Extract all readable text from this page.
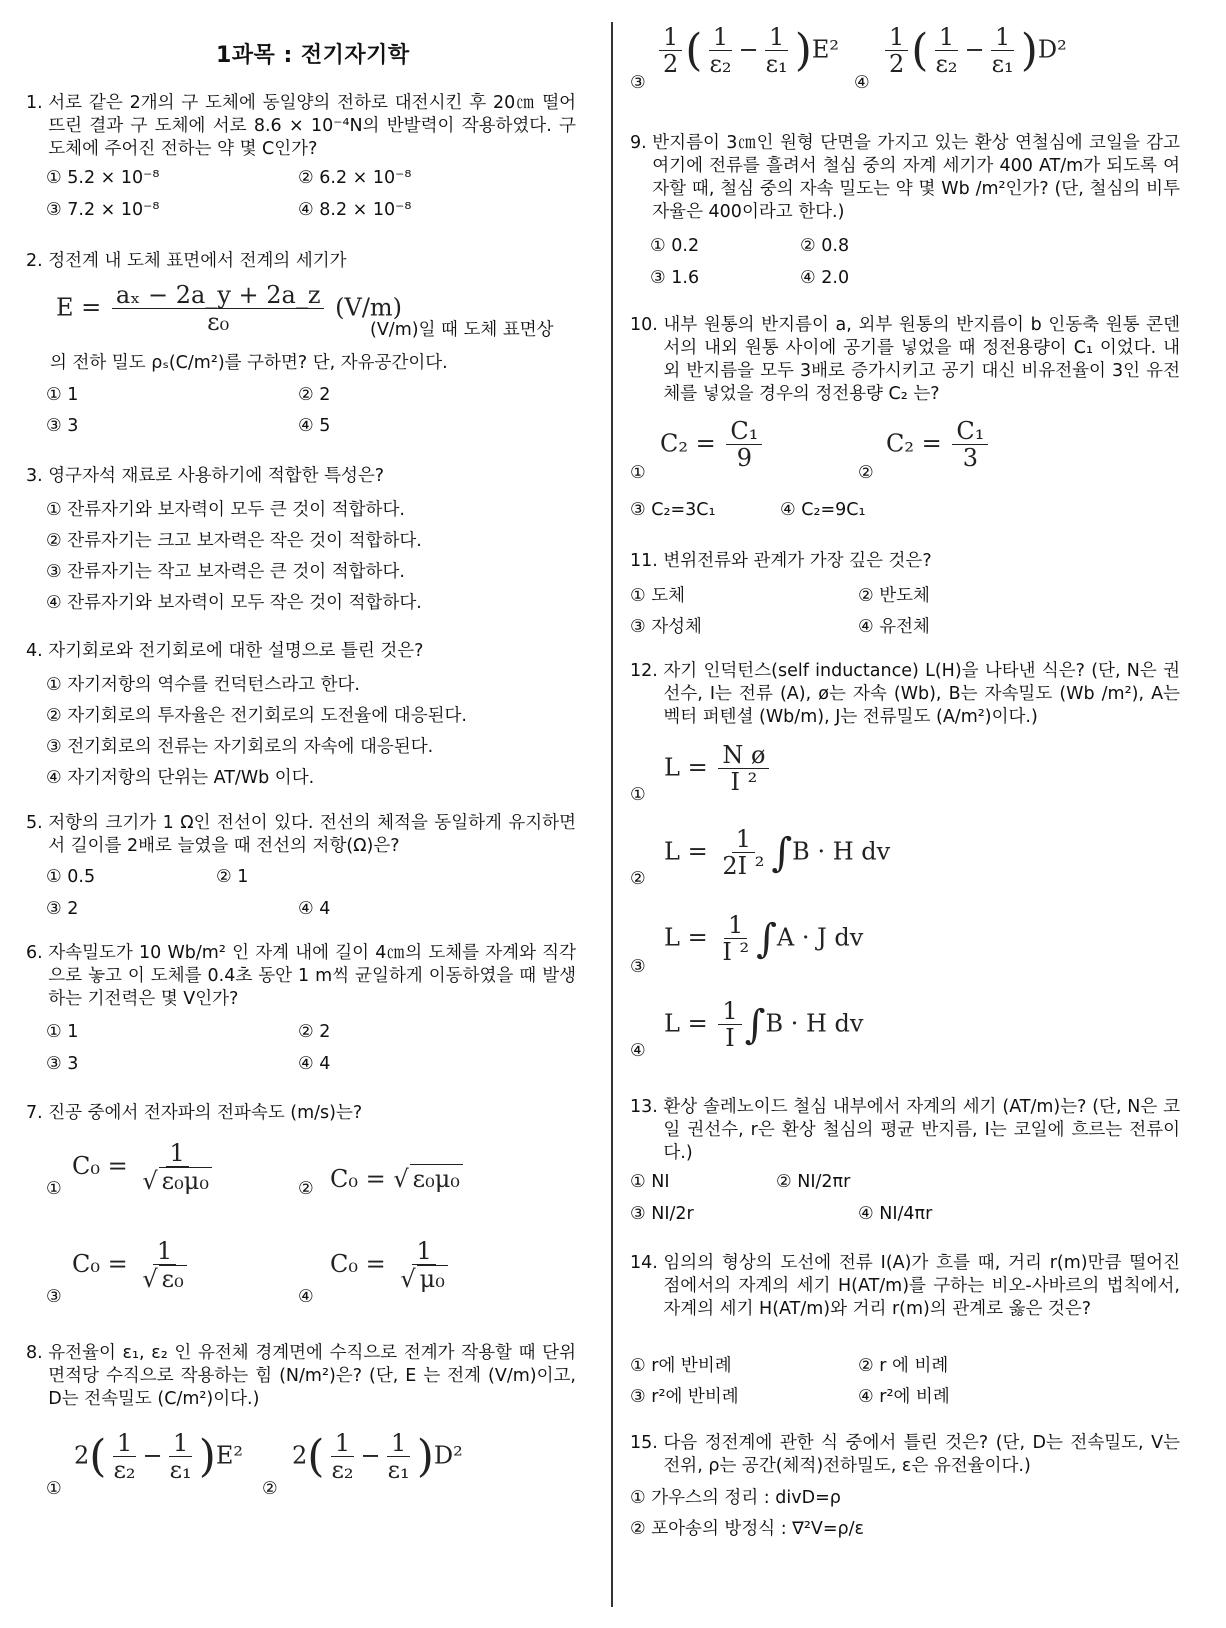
1과목 : 전기자기학
1. 서로 같은 2개의 구 도체에 동일양의 전하로 대전시킨 후 20㎝ 떨어뜨린 결과 구 도체에 서로 8.6 × 10⁻⁴N의 반발력이 작용하였다. 구 도체에 주어진 전하는 약 몇 C인가?
① 5.2 × 10⁻⁸	② 6.2 × 10⁻⁸
③ 7.2 × 10⁻⁸	④ 8.2 × 10⁻⁸
2. 정전계 내 도체 표면에서 전계의 세기가
$E = \frac{\text{aₓ − 2a\_y + 2a\_z}}{\text{ε₀}} (V/m)$
(V/m)일 때 도체 표면상
의 전하 밀도 ρₛ(C/m²)를 구하면? 단, 자유공간이다.
① 1	② 2
③ 3	④ 5
3. 영구자석 재료로 사용하기에 적합한 특성은?
① 잔류자기와 보자력이 모두 큰 것이 적합하다.
② 잔류자기는 크고 보자력은 작은 것이 적합하다.
③ 잔류자기는 작고 보자력은 큰 것이 적합하다.
④ 잔류자기와 보자력이 모두 작은 것이 적합하다.
4. 자기회로와 전기회로에 대한 설명으로 틀린 것은?
① 자기저항의 역수를 컨덕턴스라고 한다.
② 자기회로의 투자율은 전기회로의 도전율에 대응된다.
③ 전기회로의 전류는 자기회로의 자속에 대응된다.
④ 자기저항의 단위는 AT/Wb 이다.
5. 저항의 크기가 1 Ω인 전선이 있다. 전선의 체적을 동일하게 유지하면서 길이를 2배로 늘였을 때 전선의 저항(Ω)은?
① 0.5	② 1
③ 2	④ 4
6. 자속밀도가 10 Wb/m² 인 자계 내에 길이 4㎝의 도체를 자계와 직각으로 놓고 이 도체를 0.4초 동안 1 m씩 균일하게 이동하였을 때 발생하는 기전력은 몇 V인가?
① 1	② 2
③ 3	④ 4
7. 진공 중에서 전자파의 전파속도 (m/s)는?
①
$C_0 = \frac{1}{\text{√ ε₀μ₀}}$	② C₀ = √ ε₀μ₀
③
$C_0 = \frac{1}{\text{√ ε₀}}$
④
$C_0 = \frac{1}{\text{√ μ₀}}$
8. 유전율이 ε₁, ε₂ 인 유전체 경계면에 수직으로 전계가 작용할 때 단위 면적당 수직으로 작용하는 힘 (N/m²)은? (단, E 는 전계 (V/m)이고, D는 전속밀도 (C/m²)이다.)
①
$2( \frac{1}{\text{ε₂}} - \frac{1}{\text{ε₁}} )E^2$
②
$2( \frac{1}{\text{ε₂}} - \frac{1}{\text{ε₁}} )D^2$
③
$\frac{1}{2}$ ( $\frac{1}{\text{ε₂}} - \frac{1}{\text{ε₁}} )E^2$
④
$\frac{1}{2}$ ( $\frac{1}{\text{ε₂}} - \frac{1}{\text{ε₁}} )D^2$
9. 반지름이 3㎝인 원형 단면을 가지고 있는 환상 연철심에 코일을 감고 여기에 전류를 흘려서 철심 중의 자계 세기가 400 AT/m가 되도록 여자할 때, 철심 중의 자속 밀도는 약 몇 Wb /m²인가? (단, 철심의 비투자율은 400이라고 한다.)
① 0.2	② 0.8
③ 1.6	④ 2.0
10. 내부 원통의 반지름이 a, 외부 원통의 반지름이 b 인동축 원통 콘덴서의 내외 원통 사이에 공기를 넣었을 때 정전용량이 C₁ 이었다. 내외 반지름을 모두 3배로 증가시키고 공기 대신 비유전율이 3인 유전체를 넣었을 경우의 정전용량 C₂ 는?
①
$C_2 = \frac{\text{C₁}}{9}$
②
$C_2 = \frac{\text{C₁}}{3}$
③ C₂=3C₁	④ C₂=9C₁
11. 변위전류와 관계가 가장 깊은 것은?
① 도체	② 반도체
③ 자성체	④ 유전체
12. 자기 인덕턴스(self inductance) L(H)을 나타낸 식은? (단, N은 권선수, I는 전류 (A), ø는 자속 (Wb), B는 자속밀도 (Wb /m²), A는 벡터 퍼텐셜 (Wb/m), J는 전류밀도 (A/m²)이다.)
①
$L = \frac{\text{N ø}}{\text{I ²}}$
②
$L = \frac{1}{\text{2I ²}} \int B \cdot H$ dv
③
$L = \frac{1}{\text{I ²}} \int A \cdot J$ dv
④
$L = \frac{1}{I} \int B \cdot H$ dv
13. 환상 솔레노이드 철심 내부에서 자계의 세기 (AT/m)는? (단, N은 코일 권선수, r은 환상 철심의 평균 반지름, I는 코일에 흐르는 전류이다.)
① NI	② NI/2πr
③ NI/2r	④ NI/4πr
14. 임의의 형상의 도선에 전류 I(A)가 흐를 때, 거리 r(m)만큼 떨어진 점에서의 자계의 세기 H(AT/m)를 구하는 비오-사바르의 법칙에서, 자계의 세기 H(AT/m)와 거리 r(m)의 관계로 옳은 것은?
① r에 반비례	② r 에 비례
③ r²에 반비례	④ r²에 비례
15. 다음 정전계에 관한 식 중에서 틀린 것은? (단, D는 전속밀도, V는 전위, ρ는 공간(체적)전하밀도, ε은 유전율이다.)
① 가우스의 정리 : divD=ρ
② 포아송의 방정식 : ∇²V=ρ/ε
